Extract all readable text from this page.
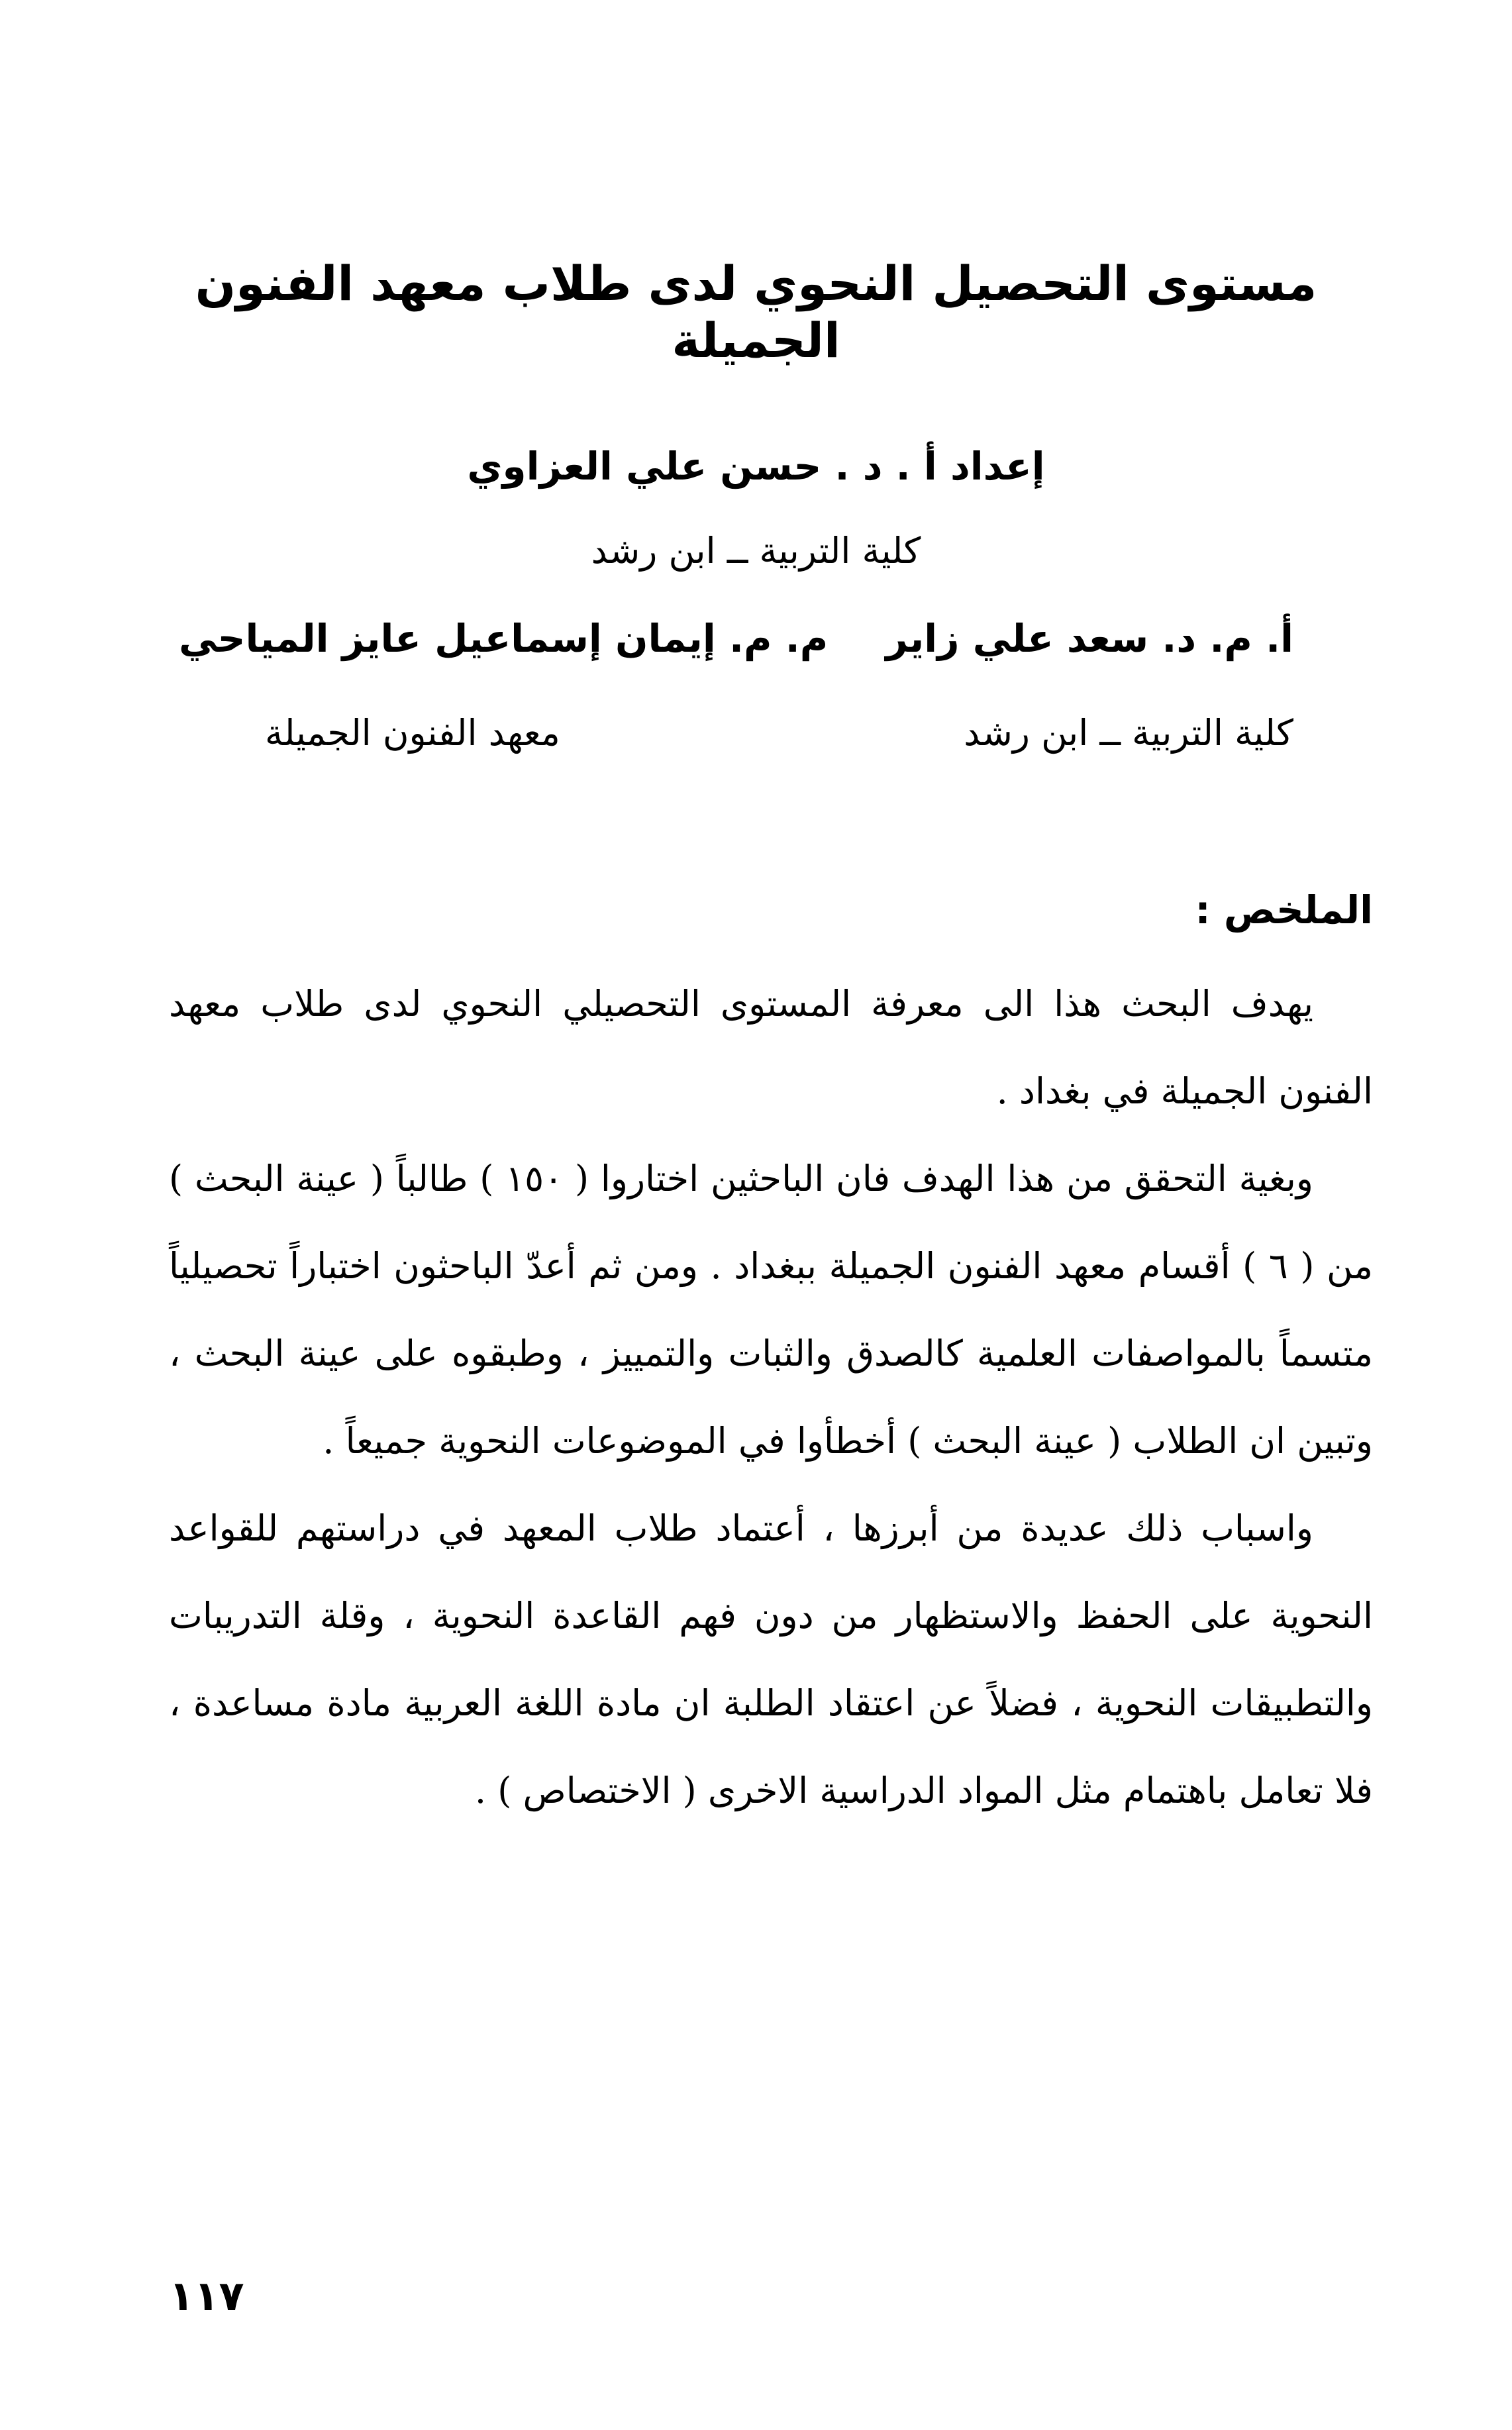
مستوى التحصيل النحوي لدى طلاب معهد الفنون الجميلة
إعداد أ . د . حسن علي العزاوي
كلية التربية ــ ابن رشد
أ. م. د. سعد علي زاير
م. م. إيمان إسماعيل عايز المياحي
كلية التربية ــ ابن رشد
معهد الفنون الجميلة
الملخص :

يهدف البحث هذا الى معرفة المستوى التحصيلي النحوي لدى طلاب معهد الفنون الجميلة في بغداد .

وبغية التحقق من هذا الهدف فان الباحثين اختاروا ( ١٥٠ ) طالباً ( عينة البحث ) من ( ٦ ) أقسام معهد الفنون الجميلة ببغداد . ومن ثم أعدّ الباحثون اختباراً تحصيلياً متسماً بالمواصفات العلمية كالصدق والثبات والتمييز ، وطبقوه على عينة البحث ، وتبين ان الطلاب ( عينة البحث ) أخطأوا في الموضوعات النحوية جميعاً .

واسباب ذلك عديدة من أبرزها ، أعتماد طلاب المعهد في دراستهم للقواعد النحوية على الحفظ والاستظهار من دون فهم القاعدة النحوية ، وقلة التدريبات والتطبيقات النحوية ، فضلاً عن اعتقاد الطلبة ان مادة اللغة العربية مادة مساعدة ، فلا تعامل باهتمام مثل المواد الدراسية الاخرى ( الاختصاص ) .

١١٧
